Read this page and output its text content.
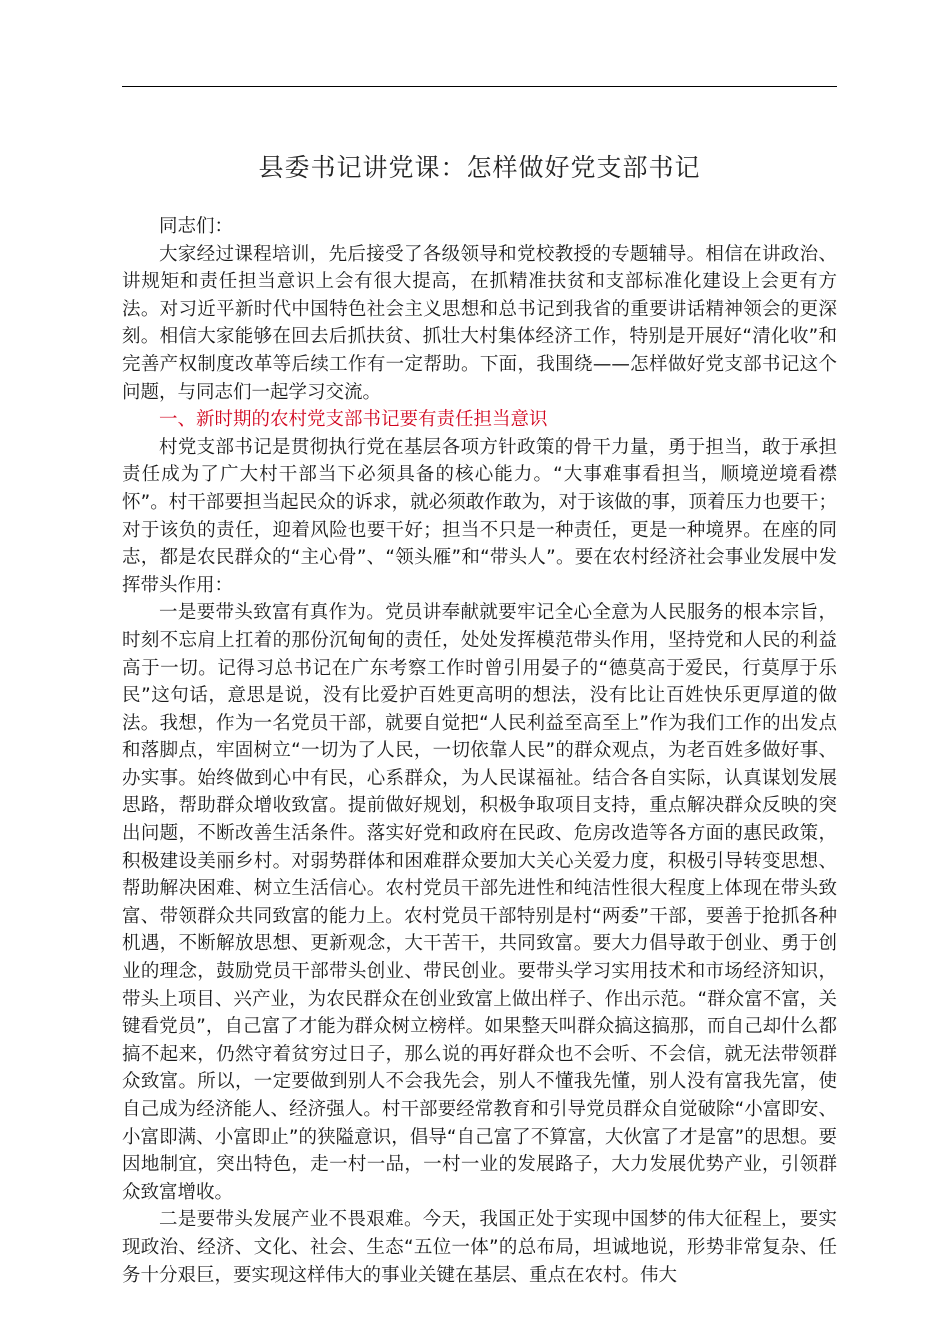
县委书记讲党课：怎样做好党支部书记

同志们：

大家经过课程培训，先后接受了各级领导和党校教授的专题辅导。相信在讲政治、讲规矩和责任担当意识上会有很大提高，在抓精准扶贫和支部标准化建设上会更有方法。对习近平新时代中国特色社会主义思想和总书记到我省的重要讲话精神领会的更深刻。相信大家能够在回去后抓扶贫、抓壮大村集体经济工作，特别是开展好“清化收”和完善产权制度改革等后续工作有一定帮助。下面，我围绕——怎样做好党支部书记这个问题，与同志们一起学习交流。

一、新时期的农村党支部书记要有责任担当意识

村党支部书记是贯彻执行党在基层各项方针政策的骨干力量，勇于担当，敢于承担责任成为了广大村干部当下必须具备的核心能力。“大事难事看担当，顺境逆境看襟怀”。村干部要担当起民众的诉求，就必须敢作敢为，对于该做的事，顶着压力也要干；对于该负的责任，迎着风险也要干好；担当不只是一种责任，更是一种境界。在座的同志，都是农民群众的“主心骨”、“领头雁”和“带头人”。要在农村经济社会事业发展中发挥带头作用：

一是要带头致富有真作为。党员讲奉献就要牢记全心全意为人民服务的根本宗旨，时刻不忘肩上扛着的那份沉甸甸的责任，处处发挥模范带头作用，坚持党和人民的利益高于一切。记得习总书记在广东考察工作时曾引用晏子的“德莫高于爱民，行莫厚于乐民”这句话，意思是说，没有比爱护百姓更高明的想法，没有比让百姓快乐更厚道的做法。我想，作为一名党员干部，就要自觉把“人民利益至高至上”作为我们工作的出发点和落脚点，牢固树立“一切为了人民，一切依靠人民”的群众观点，为老百姓多做好事、办实事。始终做到心中有民，心系群众，为人民谋福祉。结合各自实际，认真谋划发展思路，帮助群众增收致富。提前做好规划，积极争取项目支持，重点解决群众反映的突出问题，不断改善生活条件。落实好党和政府在民政、危房改造等各方面的惠民政策，积极建设美丽乡村。对弱势群体和困难群众要加大关心关爱力度，积极引导转变思想、帮助解决困难、树立生活信心。农村党员干部先进性和纯洁性很大程度上体现在带头致富、带领群众共同致富的能力上。农村党员干部特别是村“两委”干部，要善于抢抓各种机遇，不断解放思想、更新观念，大干苦干，共同致富。要大力倡导敢于创业、勇于创业的理念，鼓励党员干部带头创业、带民创业。要带头学习实用技术和市场经济知识，带头上项目、兴产业，为农民群众在创业致富上做出样子、作出示范。“群众富不富，关键看党员”，自己富了才能为群众树立榜样。如果整天叫群众搞这搞那，而自己却什么都搞不起来，仍然守着贫穷过日子，那么说的再好群众也不会听、不会信，就无法带领群众致富。所以，一定要做到别人不会我先会，别人不懂我先懂，别人没有富我先富，使自己成为经济能人、经济强人。村干部要经常教育和引导党员群众自觉破除“小富即安、小富即满、小富即止”的狭隘意识，倡导“自己富了不算富，大伙富了才是富”的思想。要因地制宜，突出特色，走一村一品，一村一业的发展路子，大力发展优势产业，引领群众致富增收。

二是要带头发展产业不畏艰难。今天，我国正处于实现中国梦的伟大征程上，要实现政治、经济、文化、社会、生态“五位一体”的总布局，坦诚地说，形势非常复杂、任务十分艰巨，要实现这样伟大的事业关键在基层、重点在农村。伟大
